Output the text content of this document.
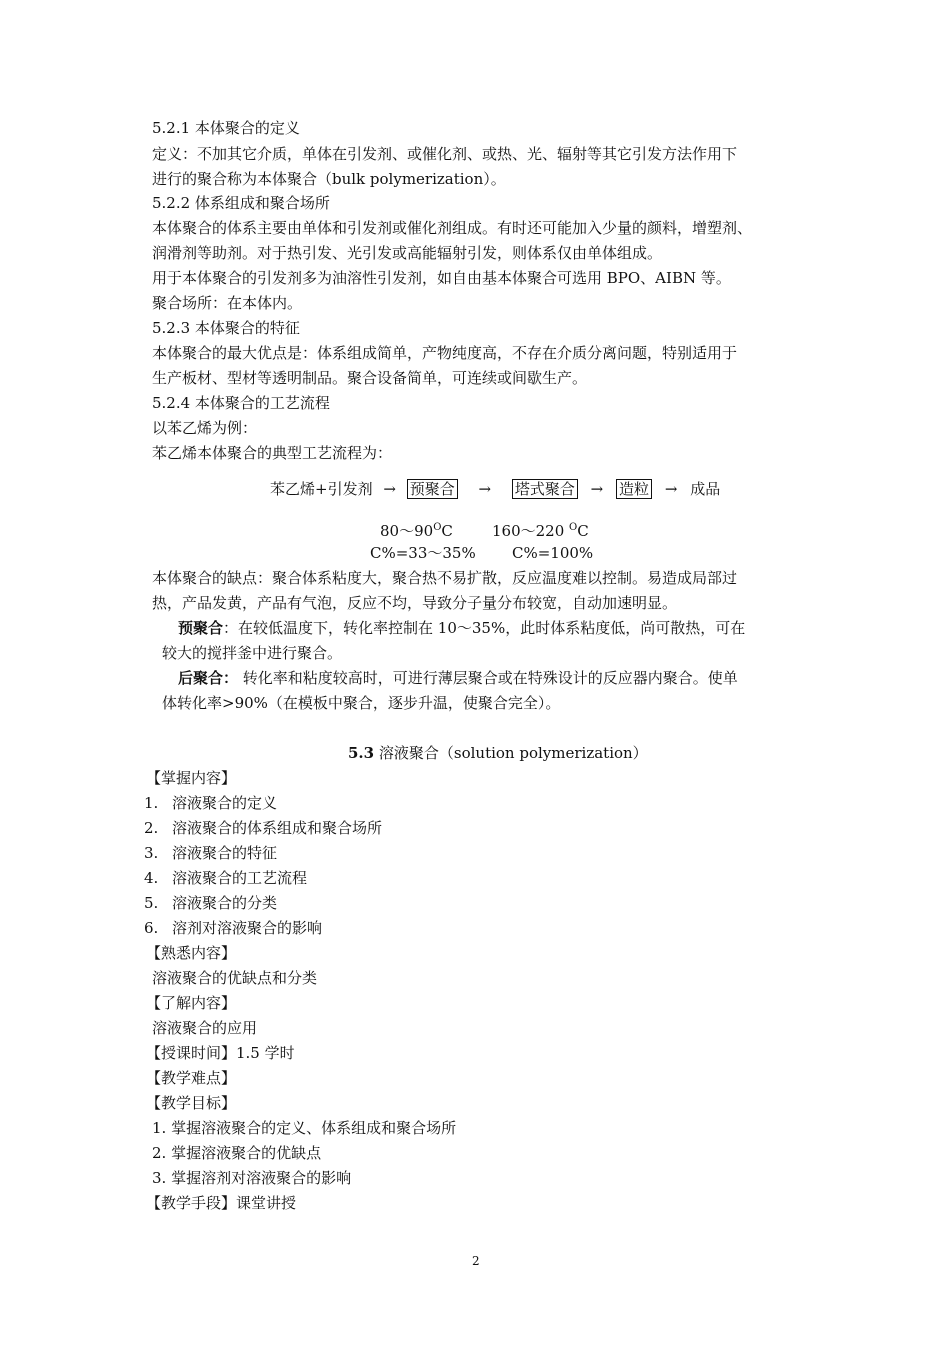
5.2.1 本体聚合的定义
定义：不加其它介质，单体在引发剂、或催化剂、或热、光、辐射等其它引发方法作用下
进行的聚合称为本体聚合（bulk polymerization）。
5.2.2 体系组成和聚合场所
本体聚合的体系主要由单体和引发剂或催化剂组成。有时还可能加入少量的颜料，增塑剂、
润滑剂等助剂。对于热引发、光引发或高能辐射引发，则体系仅由单体组成。
用于本体聚合的引发剂多为油溶性引发剂，如自由基本体聚合可选用 BPO、AIBN 等。
聚合场所：在本体内。
5.2.3 本体聚合的特征
本体聚合的最大优点是：体系组成简单，产物纯度高，不存在介质分离问题，特别适用于
生产板材、型材等透明制品。聚合设备简单，可连续或间歇生产。
5.2.4 本体聚合的工艺流程
以苯乙烯为例：
苯乙烯本体聚合的典型工艺流程为：
苯乙烯+引发剂 → 预聚合 → 塔式聚合 → 造粒 → 成品
$80\sim 90^OC$	160～220 $^O$C
C%=33～35% C%=100%
本体聚合的缺点：聚合体系粘度大，聚合热不易扩散，反应温度难以控制。易造成局部过
热，产品发黄，产品有气泡，反应不均，导致分子量分布较宽，自动加速明显。
预聚合：在较低温度下，转化率控制在 10～35%，此时体系粘度低，尚可散热，可在
较大的搅拌釜中进行聚合。
后聚合： 转化率和粘度较高时，可进行薄层聚合或在特殊设计的反应器内聚合。使单
体转化率>90%（在模板中聚合，逐步升温，使聚合完全）。
5.3 溶液聚合（solution polymerization）
【掌握内容】
1. 溶液聚合的定义
2. 溶液聚合的体系组成和聚合场所
3. 溶液聚合的特征
4. 溶液聚合的工艺流程
5. 溶液聚合的分类
6. 溶剂对溶液聚合的影响
【熟悉内容】
溶液聚合的优缺点和分类
【了解内容】
溶液聚合的应用
【授课时间】1.5 学时
【教学难点】
【教学目标】
1. 掌握溶液聚合的定义、体系组成和聚合场所
2. 掌握溶液聚合的优缺点
3. 掌握溶剂对溶液聚合的影响
【教学手段】课堂讲授
2
